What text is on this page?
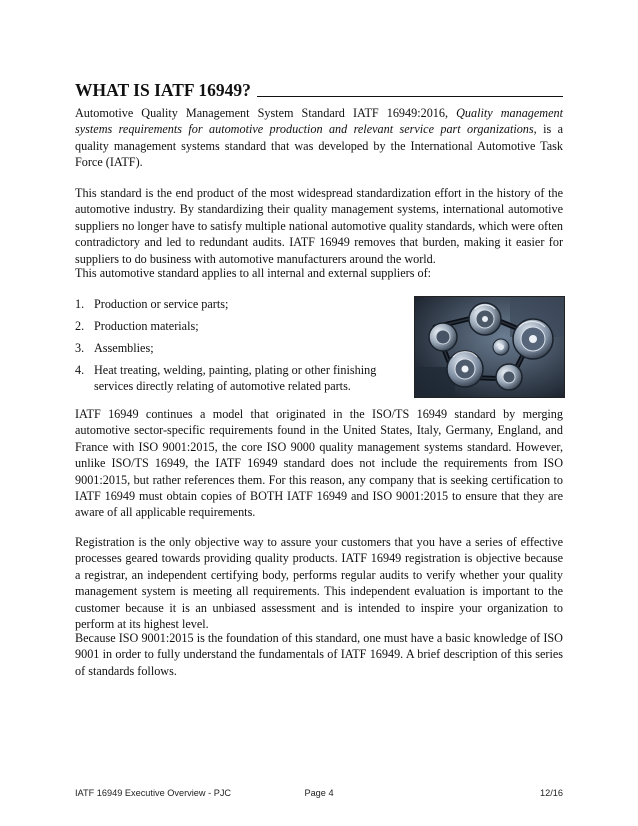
WHAT IS IATF 16949?

Automotive Quality Management System Standard IATF 16949:2016, Quality management systems requirements for automotive production and relevant service part organizations, is a quality management systems standard that was developed by the International Automotive Task Force (IATF).

This standard is the end product of the most widespread standardization effort in the history of the automotive industry. By standardizing their quality management systems, international automotive suppliers no longer have to satisfy multiple national automotive quality standards, which were often contradictory and led to redundant audits. IATF 16949 removes that burden, making it easier for suppliers to do business with automotive manufacturers around the world.

This automotive standard applies to all internal and external suppliers of:

1. Production or service parts;
2. Production materials;
3. Assemblies;
4. Heat treating, welding, painting, plating or other finishing services directly relating of automotive related parts.

IATF 16949 continues a model that originated in the ISO/TS 16949 standard by merging automotive sector-specific requirements found in the United States, Italy, Germany, England, and France with ISO 9001:2015, the core ISO 9000 quality management systems standard. However, unlike ISO/TS 16949, the IATF 16949 standard does not include the requirements from ISO 9001:2015, but rather references them. For this reason, any company that is seeking certification to IATF 16949 must obtain copies of BOTH IATF 16949 and ISO 9001:2015 to ensure that they are aware of all applicable requirements.

Registration is the only objective way to assure your customers that you have a series of effective processes geared towards providing quality products. IATF 16949 registration is objective because a registrar, an independent certifying body, performs regular audits to verify whether your quality management system is meeting all requirements. This independent evaluation is important to the customer because it is an unbiased assessment and is intended to inspire your organization to perform at its highest level.

Because ISO 9001:2015 is the foundation of this standard, one must have a basic knowledge of ISO 9001 in order to fully understand the fundamentals of IATF 16949. A brief description of this series of standards follows.

IATF 16949 Executive Overview - PJC	Page 4	12/16
